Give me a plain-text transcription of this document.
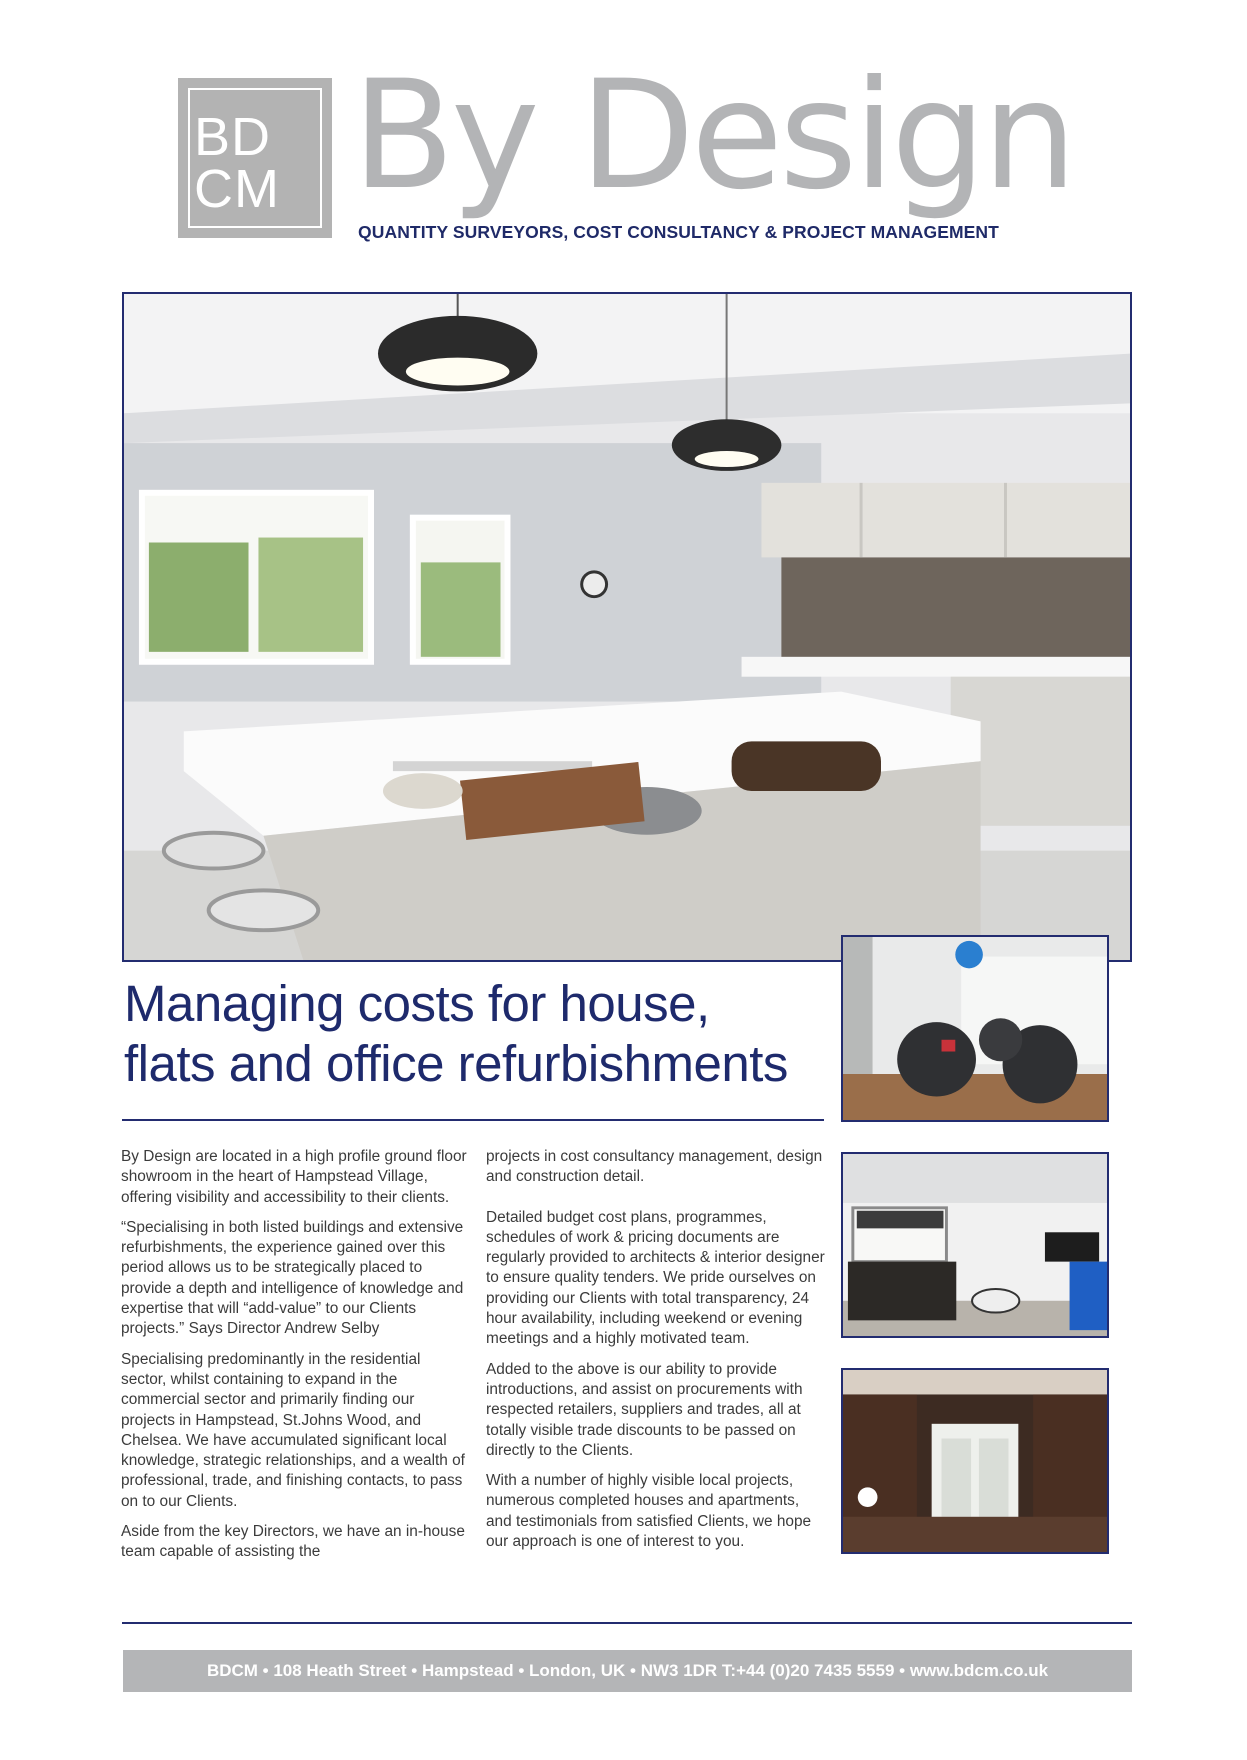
BD
CM By Design
QUANTITY SURVEYORS, COST CONSULTANCY & PROJECT MANAGEMENT
Managing costs for house,
flats and office refurbishments

By Design are located in a high profile ground floor showroom in the heart of Hampstead Village, offering visibility and accessibility to their clients.

“Specialising in both listed buildings and extensive refurbishments, the experience gained over this period allows us to be strategically placed to provide a depth and intelligence of knowledge and expertise that will “add-value” to our Clients projects.” Says Director Andrew Selby

Specialising predominantly in the residential sector, whilst containing to expand in the commercial sector and primarily finding our projects in Hampstead, St.Johns Wood, and Chelsea. We have accumulated significant local knowledge, strategic relationships, and a wealth of professional, trade, and finishing contacts, to pass on to our Clients.

Aside from the key Directors, we have an in-house team capable of assisting the

projects in cost consultancy management, design and construction detail.

Detailed budget cost plans, programmes, schedules of work & pricing documents are regularly provided to architects & interior designer to ensure quality tenders. We pride ourselves on providing our Clients with total transparency, 24 hour availability, including weekend or evening meetings and a highly motivated team.

Added to the above is our ability to provide introductions, and assist on procurements with respected retailers, suppliers and trades, all at totally visible trade discounts to be passed on directly to the Clients.

With a number of highly visible local projects, numerous completed houses and apartments, and testimonials from satisfied Clients, we hope our approach is one of interest to you.

BDCM • 108 Heath Street • Hampstead • London, UK • NW3 1DR T:+44 (0)20 7435 5559 • www.bdcm.co.uk
